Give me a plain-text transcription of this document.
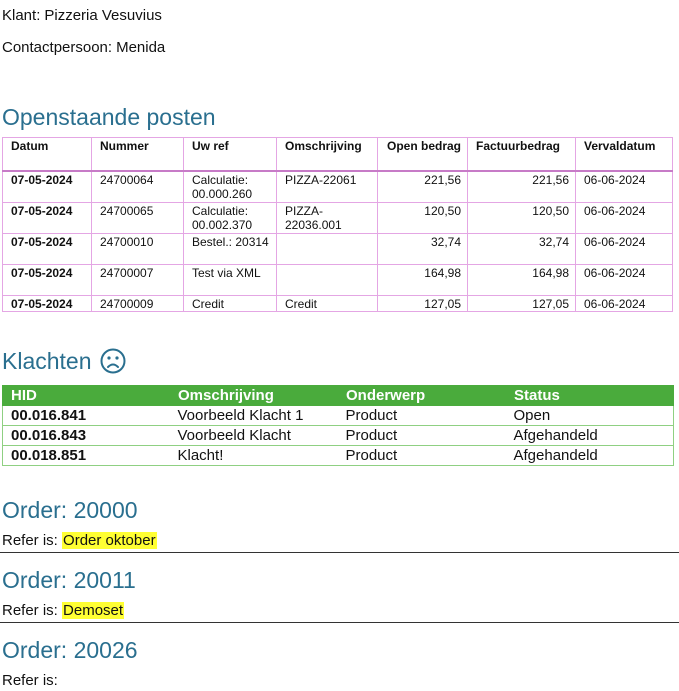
Klant: Pizzeria Vesuvius
Contactpersoon: Menida
Openstaande posten
Datum	Nummer	Uw ref	Omschrijving	Open bedrag	Factuurbedrag	Vervaldatum
07-05-2024	24700064	Calculatie: 00.000.260	PIZZA-22061	221,56	221,56	06-06-2024
07-05-2024	24700065	Calculatie: 00.002.370	PIZZA-22036.001	120,50	120,50	06-06-2024
07-05-2024	24700010	Bestel.: 20314		32,74	32,74	06-06-2024
07-05-2024	24700007	Test via XML		164,98	164,98	06-06-2024
07-05-2024	24700009	Credit	Credit	127,05	127,05	06-06-2024
Klachten
HID	Omschrijving	Onderwerp	Status
00.016.841	Voorbeeld Klacht 1	Product	Open
00.016.843	Voorbeeld Klacht	Product	Afgehandeld
00.018.851	Klacht!	Product	Afgehandeld
Order: 20000
Refer is: Order oktober
Order: 20011
Refer is: Demoset
Order: 20026
Refer is:
